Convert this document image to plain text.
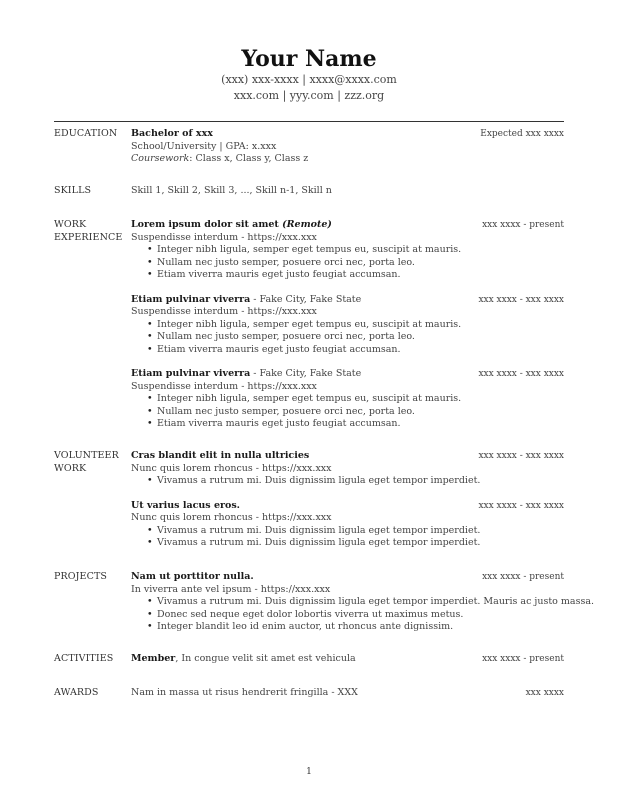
Your Name
(xxx) xxx-xxxx | xxxx@xxxx.com
xxx.com | yyy.com | zzz.org
EDUCATION	Bachelor of xxx	Expected xxx xxxx
School/University | GPA: x.xxx
Coursework: Class x, Class y, Class z
SKILLS	Skill 1, Skill 2, Skill 3, ..., Skill n-1, Skill n
WORK
EXPERIENCE
Lorem ipsum dolor sit amet (Remote)	xxx xxxx - present
Suspendisse interdum - https://xxx.xxx
• Integer nibh ligula, semper eget tempus eu, suscipit at mauris.
• Nullam nec justo semper, posuere orci nec, porta leo.
• Etiam viverra mauris eget justo feugiat accumsan.
Etiam pulvinar viverra - Fake City, Fake State	xxx xxxx - xxx xxxx
Suspendisse interdum - https://xxx.xxx
• Integer nibh ligula, semper eget tempus eu, suscipit at mauris.
• Nullam nec justo semper, posuere orci nec, porta leo.
• Etiam viverra mauris eget justo feugiat accumsan.
Etiam pulvinar viverra - Fake City, Fake State	xxx xxxx - xxx xxxx
Suspendisse interdum - https://xxx.xxx
• Integer nibh ligula, semper eget tempus eu, suscipit at mauris.
• Nullam nec justo semper, posuere orci nec, porta leo.
• Etiam viverra mauris eget justo feugiat accumsan.
VOLUNTEER
WORK
Cras blandit elit in nulla ultricies	xxx xxxx - xxx xxxx
Nunc quis lorem rhoncus - https://xxx.xxx
• Vivamus a rutrum mi. Duis dignissim ligula eget tempor imperdiet.
Ut varius lacus eros.	xxx xxxx - xxx xxxx
Nunc quis lorem rhoncus - https://xxx.xxx
• Vivamus a rutrum mi. Duis dignissim ligula eget tempor imperdiet.
• Vivamus a rutrum mi. Duis dignissim ligula eget tempor imperdiet.
PROJECTS	Nam ut porttitor nulla.	xxx xxxx - present
In viverra ante vel ipsum - https://xxx.xxx
• Vivamus a rutrum mi. Duis dignissim ligula eget tempor imperdiet. Mauris ac justo massa.
• Donec sed neque eget dolor lobortis viverra ut maximus metus.
• Integer blandit leo id enim auctor, ut rhoncus ante dignissim.
ACTIVITIES	Member, In congue velit sit amet est vehicula	xxx xxxx - present
AWARDS	Nam in massa ut risus hendrerit fringilla - XXX	xxx xxxx
1
